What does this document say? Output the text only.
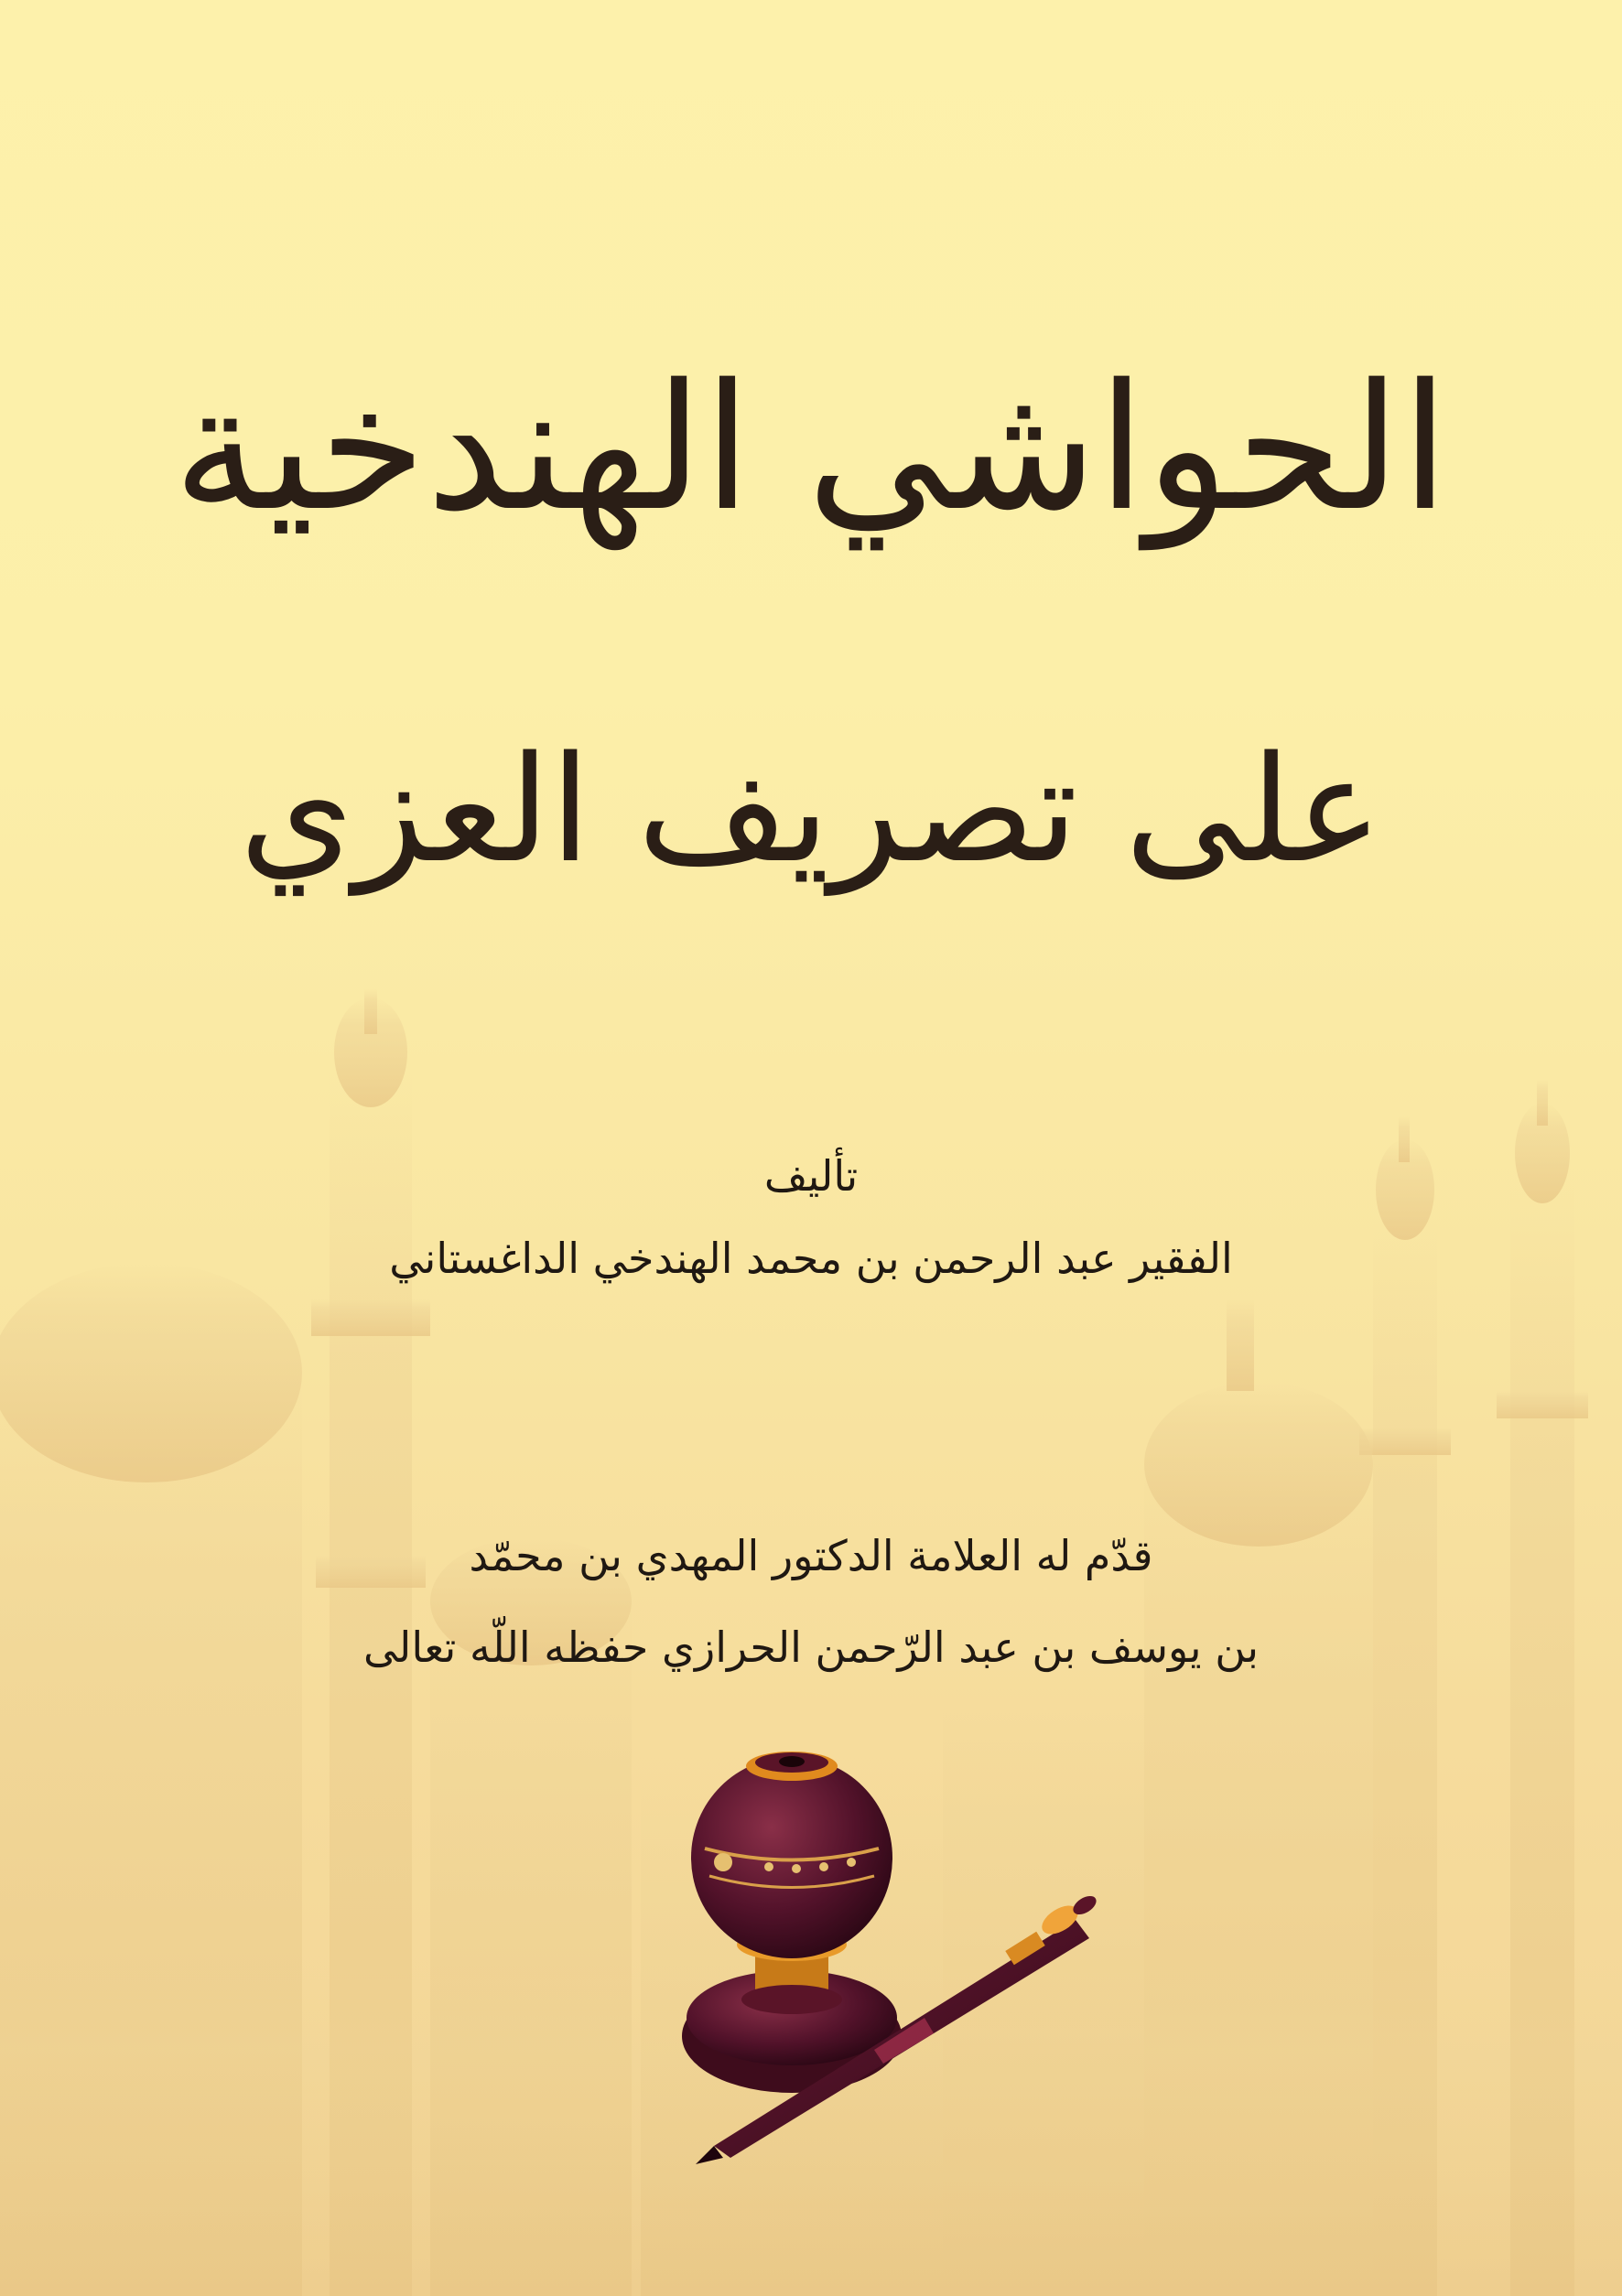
الحواشي الهندخية
على تصريف العزي
تأليف
الفقير عبد الرحمن بن محمد الهندخي الداغستاني
قدّم له العلامة الدكتور المهدي بن محمّد
بن يوسف بن عبد الرّحمن الحرازي حفظه اللّه تعالى
